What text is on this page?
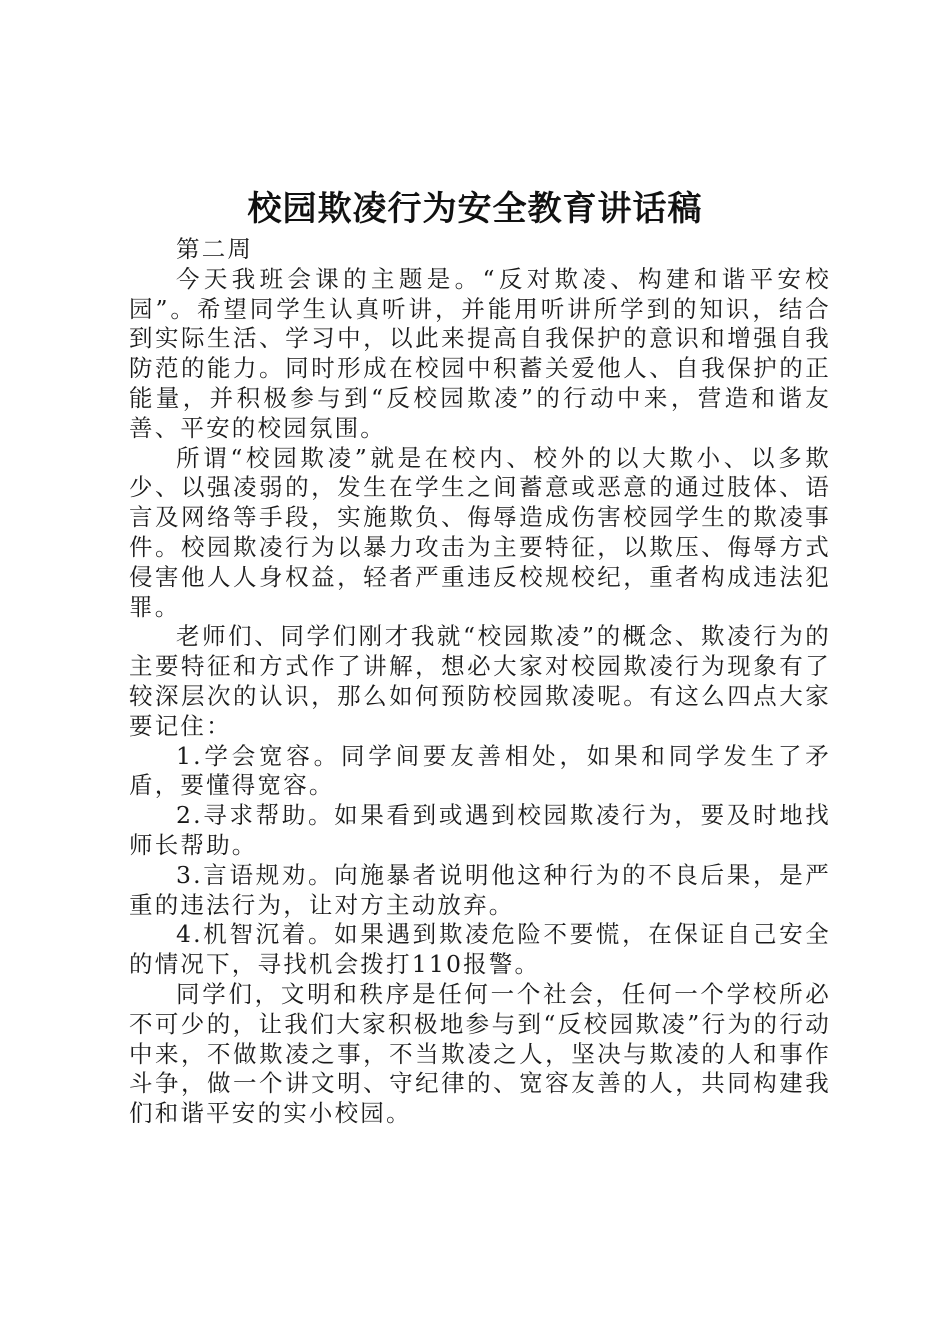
校园欺凌行为安全教育讲话稿

第二周

今天我班会课的主题是。“反对欺凌、构建和谐平安校园”。希望同学生认真听讲，并能用听讲所学到的知识，结合到实际生活、学习中，以此来提高自我保护的意识和增强自我防范的能力。同时形成在校园中积蓄关爱他人、自我保护的正能量，并积极参与到“反校园欺凌”的行动中来，营造和谐友善、平安的校园氛围。

所谓“校园欺凌”就是在校内、校外的以大欺小、以多欺少、以强凌弱的，发生在学生之间蓄意或恶意的通过肢体、语言及网络等手段，实施欺负、侮辱造成伤害校园学生的欺凌事件。校园欺凌行为以暴力攻击为主要特征，以欺压、侮辱方式侵害他人人身权益，轻者严重违反校规校纪，重者构成违法犯罪。

老师们、同学们刚才我就“校园欺凌”的概念、欺凌行为的主要特征和方式作了讲解，想必大家对校园欺凌行为现象有了较深层次的认识，那么如何预防校园欺凌呢。有这么四点大家要记住：

1.学会宽容。同学间要友善相处，如果和同学发生了矛盾，要懂得宽容。

2.寻求帮助。如果看到或遇到校园欺凌行为，要及时地找师长帮助。

3.言语规劝。向施暴者说明他这种行为的不良后果，是严重的违法行为，让对方主动放弃。

4.机智沉着。如果遇到欺凌危险不要慌，在保证自己安全的情况下，寻找机会拨打110报警。

同学们，文明和秩序是任何一个社会，任何一个学校所必不可少的，让我们大家积极地参与到“反校园欺凌”行为的行动中来，不做欺凌之事，不当欺凌之人，坚决与欺凌的人和事作斗争，做一个讲文明、守纪律的、宽容友善的人，共同构建我们和谐平安的实小校园。
